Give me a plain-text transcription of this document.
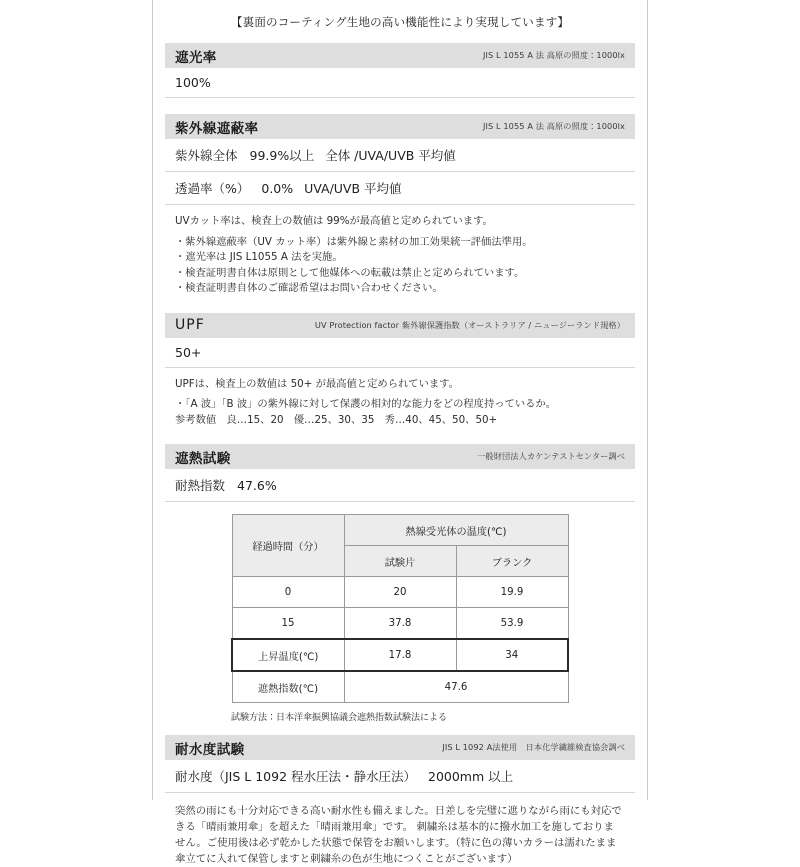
【裏面のコーティング生地の高い機能性により実現しています】
遮光率	JIS L 1055 A 法 高原の照度：1000lx
100%
紫外線遮蔽率	JIS L 1055 A 法 高原の照度：1000lx
紫外線全体 99.9%以上 全体 /UVA/UVB 平均値
透過率（%） 0.0% UVA/UVB 平均値
UVカット率は、検査上の数値は 99%が最高値と定められています。
・紫外線遮蔽率（UV カット率）は紫外線と素材の加工効果統一評価法準用。
・遮光率は JIS L1055 A 法を実施。
・検査証明書自体は原則として他媒体への転載は禁止と定められています。
・検査証明書自体のご確認希望はお問い合わせください。
UPF	UV Protection factor 紫外線保護指数（オーストラリア / ニュージーランド規格）
50+
UPFは、検査上の数値は 50+ が最高値と定められています。
・「A 波」「B 波」の紫外線に対して保護の相対的な能力をどの程度持っているか。
参考数値　良…15、20　優…25、30、35　秀…40、45、50、50+
遮熱試験	一般財団法人カケンテストセンター調べ
耐熱指数 47.6%
経過時間（分）	熱線受光体の温度(℃)	
	試験片	ブランク
0	20	19.9
15	37.8	53.9
上昇温度(℃)	17.8	34
遮熱指数(℃)	47.6	
試験方法：日本洋傘振興協議会遮熱指数試験法による
耐水度試験	JIS L 1092 A法使用　日本化学繊維検査協会調べ
耐水度（JIS L 1092 程水圧法・静水圧法） 2000mm 以上
突然の雨にも十分対応できる高い耐水性も備えました。日差しを完璧に遮りながら雨にも対応できる「晴雨兼用傘」を超えた「晴雨兼用傘」です。 刺繍糸は基本的に撥水加工を施しておりません。ご使用後は必ず乾かした状態で保管をお願いします。（特に色の薄いカラーは濡れたまま傘立てに入れて保管しますと刺繍糸の色が生地につくことがございます）
